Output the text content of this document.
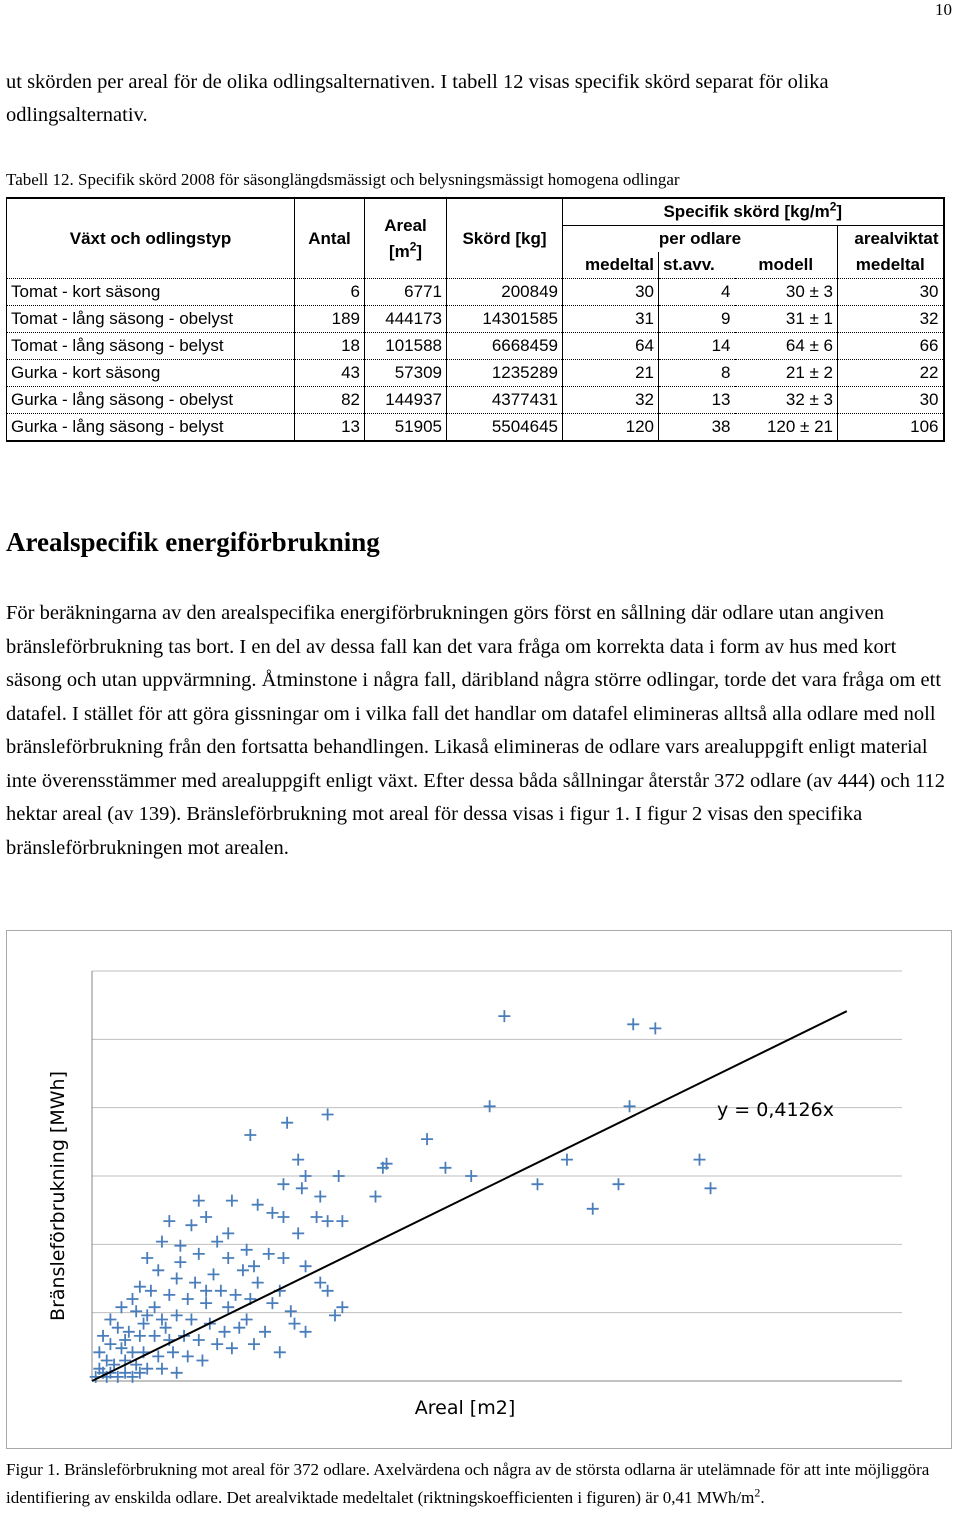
10

ut skörden per areal för de olika odlingsalternativen. I tabell 12 visas specifik skörd separat för olika odlingsalternativ.

Tabell 12. Specifik skörd 2008 för säsonglängdsmässigt och belysningsmässigt homogena odlingar

Växt och odlingstyp	Antal	Areal
$[m^2]$	Skörd [kg]	Specifik skörd $[kg/m^2]$			
				per odlare			arealviktat
				medeltal	st.avv.	modell	medeltal
Tomat - kort säsong	6	6771	200849	30	4	30 ± 3	30
Tomat - lång säsong - obelyst	189	444173	14301585	31	9	31 ± 1	32
Tomat - lång säsong - belyst	18	101588	6668459	64	14	64 ± 6	66
Gurka - kort säsong	43	57309	1235289	21	8	21 ± 2	22
Gurka - lång säsong - obelyst	82	144937	4377431	32	13	32 ± 3	30
Gurka - lång säsong - belyst	13	51905	5504645	120	38	120 ± 21	106
Arealspecifik energiförbrukning

För beräkningarna av den arealspecifika energiförbrukningen görs först en sållning där odlare utan angiven bränsleförbrukning tas bort. I en del av dessa fall kan det vara fråga om korrekta data i form av hus med kort säsong och utan uppvärmning. Åtminstone i några fall, däribland några större odlingar, torde det vara fråga om ett datafel. I stället för att göra gissningar om i vilka fall det handlar om datafel elimineras alltså alla odlare med noll bränsleförbrukning från den fortsatta behandlingen. Likaså elimineras de odlare vars arealuppgift enligt material inte överensstämmer med arealuppgift enligt växt. Efter dessa båda sållningar återstår 372 odlare (av 444) och 112 hektar areal (av 139). Bränsleförbrukning mot areal för dessa visas i figur 1. I figur 2 visas den specifika bränsleförbrukningen mot arealen.

y = 0,4126x
Areal [m2]
Bränsleförbrukning [MWh]

Figur 1. Bränsleförbrukning mot areal för 372 odlare. Axelvärdena och några av de största odlarna är utelämnade för att inte möjliggöra identifiering av enskilda odlare. Det arealviktade medeltalet (riktningskoefficienten i figuren) är 0,41 MWh/$m^2$.
